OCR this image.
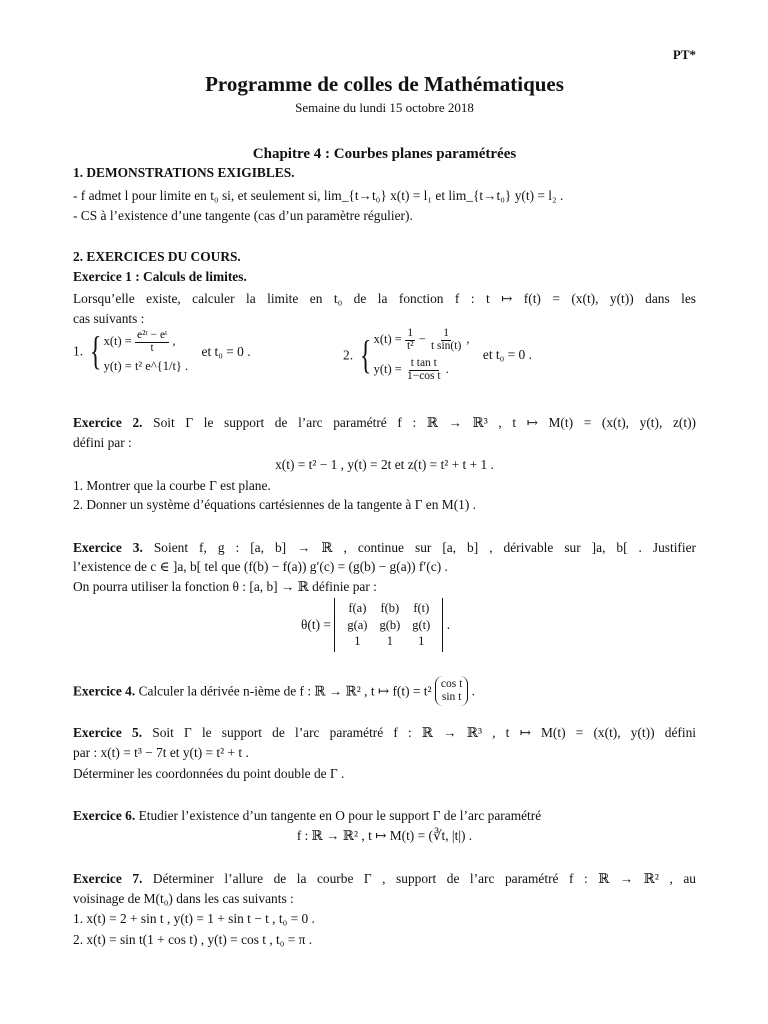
PT*
Programme de colles de Mathématiques
Semaine du lundi 15 octobre 2018
Chapitre 4 : Courbes planes paramétrées
1. DEMONSTRATIONS EXIGIBLES.
- f admet l pour limite en t₀ si, et seulement si, lim_{t→t₀} x(t) = l₁ et lim_{t→t₀} y(t) = l₂ .
- CS à l’existence d’une tangente (cas d’un paramètre régulier).
2. EXERCICES DU COURS.
Exercice 1 : Calculs de limites.
Lorsqu’elle existe, calculer la limite en t₀ de la fonction f : t ↦ f(t) = (x(t), y(t)) dans les
cas suivants :
1. { $x(t) = \frac{\text{e²ᵗ − eᵗ}}{t}$ ,
y(t) = t² e^{1/t} .
et t₀ = 0 .	2. { $x(t) = \frac{1}{\text{t²}} - \frac{1}{\text{t sin(t)}}$ ,
$y(t) = \frac{\text{t tan t}}{\text{1−cos t}}$ .
et t₀ = 0 .
Exercice 2. Soit Γ le support de l’arc paramétré f : ℝ → ℝ³ , t ↦ M(t) = (x(t), y(t), z(t))
défini par :
x(t) = t² − 1 , y(t) = 2t et z(t) = t² + t + 1 .
1. Montrer que la courbe Γ est plane.
2. Donner un système d’équations cartésiennes de la tangente à Γ en M(1) .
Exercice 3. Soient f, g : [a, b] → ℝ , continue sur [a, b] , dérivable sur ]a, b[ . Justifier
l’existence de c ∈ ]a, b[ tel que (f(b) − f(a)) g′(c) = (g(b) − g(a)) f′(c) .
On pourra utiliser la fonction θ : [a, b] → ℝ définie par :
θ(t) =
f(a)	f(b)	f(t)
g(a)	g(b)	g(t)
1	1	1
.
Exercice 4. Calculer la dérivée n-ième de f : ℝ → ℝ² , t ↦ f(t) = t² cos t
sin t .
Exercice 5. Soit Γ le support de l’arc paramétré f : ℝ → ℝ³ , t ↦ M(t) = (x(t), y(t)) défini
par : x(t) = t³ − 7t et y(t) = t² + t .
Déterminer les coordonnées du point double de Γ .
Exercice 6. Etudier l’existence d’un tangente en O pour le support Γ de l’arc paramétré
f : ℝ → ℝ² , t ↦ M(t) = (∛t, |t|) .
Exercice 7. Déterminer l’allure de la courbe Γ , support de l’arc paramétré f : ℝ → ℝ² , au
voisinage de M(t₀) dans les cas suivants :
1. x(t) = 2 + sin t , y(t) = 1 + sin t − t , t₀ = 0 .
2. x(t) = sin t(1 + cos t) , y(t) = cos t , t₀ = π .
